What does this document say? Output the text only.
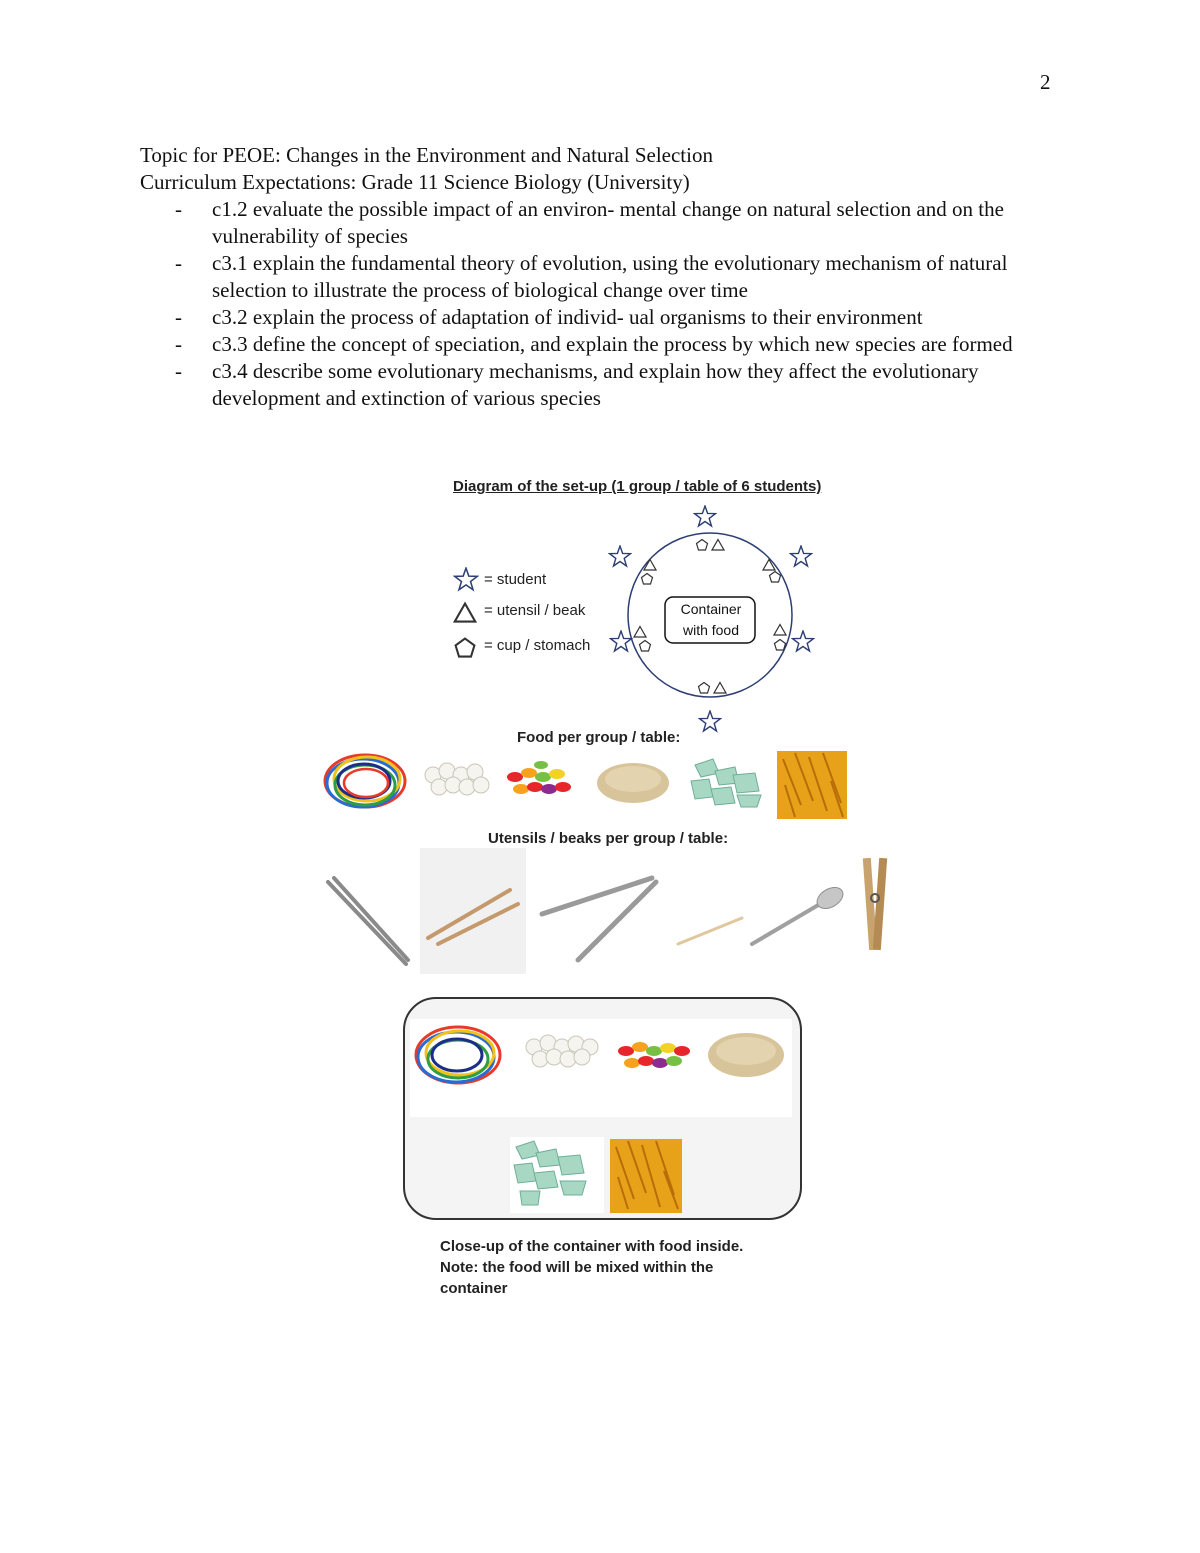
2

Topic for PEOE: Changes in the Environment and Natural Selection

Curriculum Expectations: Grade 11 Science Biology (University)

- c1.2 evaluate the possible impact of an environ- mental change on natural selection and on the vulnerability of species
- c3.1 explain the fundamental theory of evolution, using the evolutionary mechanism of natural selection to illustrate the process of biological change over time
- c3.2 explain the process of adaptation of individ- ual organisms to their environment
- c3.3 define the concept of speciation, and explain the process by which new species are formed
- c3.4 describe some evolutionary mechanisms, and explain how they affect the evolutionary development and extinction of various species
Diagram of the set-up (1 group / table of 6 students)
= student
= utensil / beak
= cup / stomach
Container
with food
Food per group / table:
Utensils / beaks per group / table:
Close-up of the container with food inside.
Note: the food will be mixed within the
container
